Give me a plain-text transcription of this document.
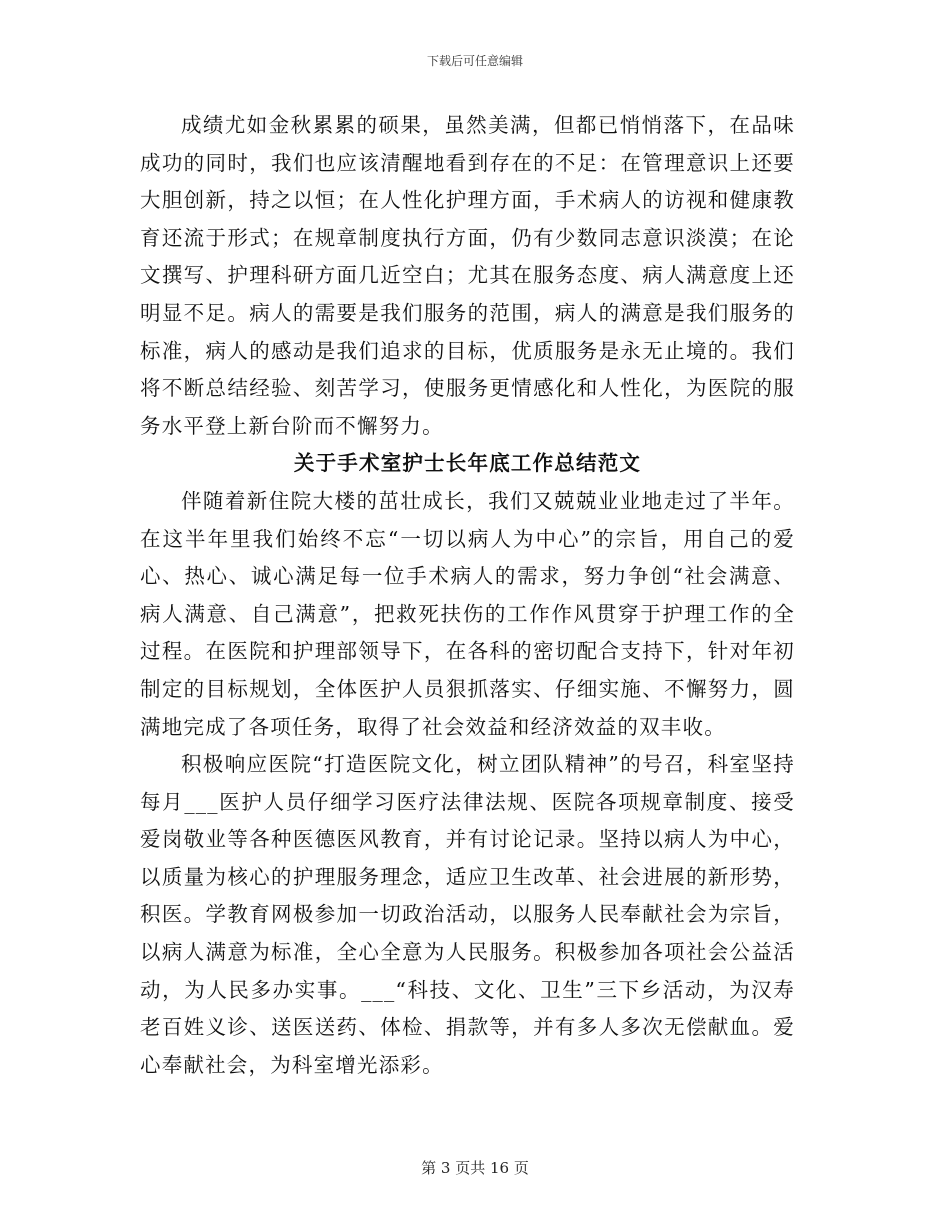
下载后可任意编辑

成绩尤如金秋累累的硕果，虽然美满，但都已悄悄落下，在品味成功的同时，我们也应该清醒地看到存在的不足：在管理意识上还要大胆创新，持之以恒；在人性化护理方面，手术病人的访视和健康教育还流于形式；在规章制度执行方面，仍有少数同志意识淡漠；在论文撰写、护理科研方面几近空白；尤其在服务态度、病人满意度上还明显不足。病人的需要是我们服务的范围，病人的满意是我们服务的标准，病人的感动是我们追求的目标，优质服务是永无止境的。我们将不断总结经验、刻苦学习，使服务更情感化和人性化，为医院的服务水平登上新台阶而不懈努力。

关于手术室护士长年底工作总结范文

伴随着新住院大楼的茁壮成长，我们又兢兢业业地走过了半年。在这半年里我们始终不忘“一切以病人为中心”的宗旨，用自己的爱心、热心、诚心满足每一位手术病人的需求，努力争创“社会满意、病人满意、自己满意”，把救死扶伤的工作作风贯穿于护理工作的全过程。在医院和护理部领导下，在各科的密切配合支持下，针对年初制定的目标规划，全体医护人员狠抓落实、仔细实施、不懈努力，圆满地完成了各项任务，取得了社会效益和经济效益的双丰收。

积极响应医院“打造医院文化，树立团队精神”的号召，科室坚持每月___医护人员仔细学习医疗法律法规、医院各项规章制度、接受爱岗敬业等各种医德医风教育，并有讨论记录。坚持以病人为中心，以质量为核心的护理服务理念，适应卫生改革、社会进展的新形势，积医。学教育网极参加一切政治活动，以服务人民奉献社会为宗旨，以病人满意为标准，全心全意为人民服务。积极参加各项社会公益活动，为人民多办实事。___“科技、文化、卫生”三下乡活动，为汉寿老百姓义诊、送医送药、体检、捐款等，并有多人多次无偿献血。爱心奉献社会，为科室增光添彩。

第 3 页共 16 页
